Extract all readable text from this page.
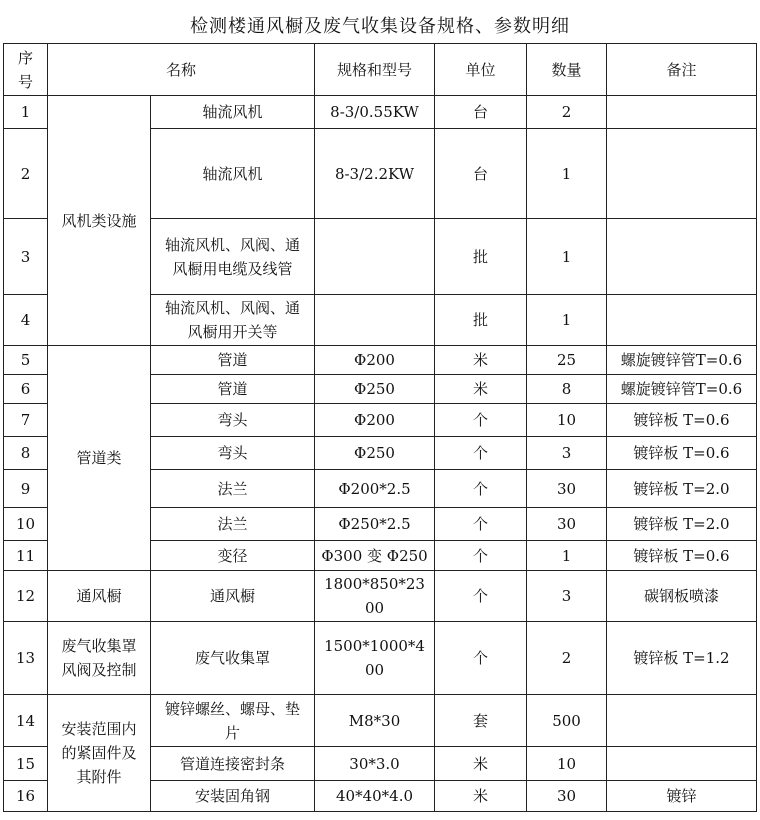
检测楼通风橱及废气收集设备规格、参数明细
序号	名称		规格和型号	单位	数量	备注
1	风机类设施	轴流风机	8-3/0.55KW	台	2	
2		轴流风机	8-3/2.2KW	台	1	
3		轴流风机、风阀、通风橱用电缆及线管		批	1	
4		轴流风机、风阀、通风橱用开关等		批	1	
5	管道类	管道	Φ200	米	25	螺旋镀锌管T=0.6
6		管道	Φ250	米	8	螺旋镀锌管T=0.6
7		弯头	Φ200	个	10	镀锌板 T=0.6
8		弯头	Φ250	个	3	镀锌板 T=0.6
9		法兰	Φ200*2.5	个	30	镀锌板 T=2.0
10		法兰	Φ250*2.5	个	30	镀锌板 T=2.0
11		变径	Φ300 变 Φ250	个	1	镀锌板 T=0.6
12	通风橱	通风橱	1800*850*2300	个	3	碳钢板喷漆
13	废气收集罩风阀及控制	废气收集罩	1500*1000*400	个	2	镀锌板 T=1.2
14	安装范围内的紧固件及其附件	镀锌螺丝、螺母、垫片	M8*30	套	500	
15		管道连接密封条	30*3.0	米	10	
16		安装固角钢	40*40*4.0	米	30	镀锌
